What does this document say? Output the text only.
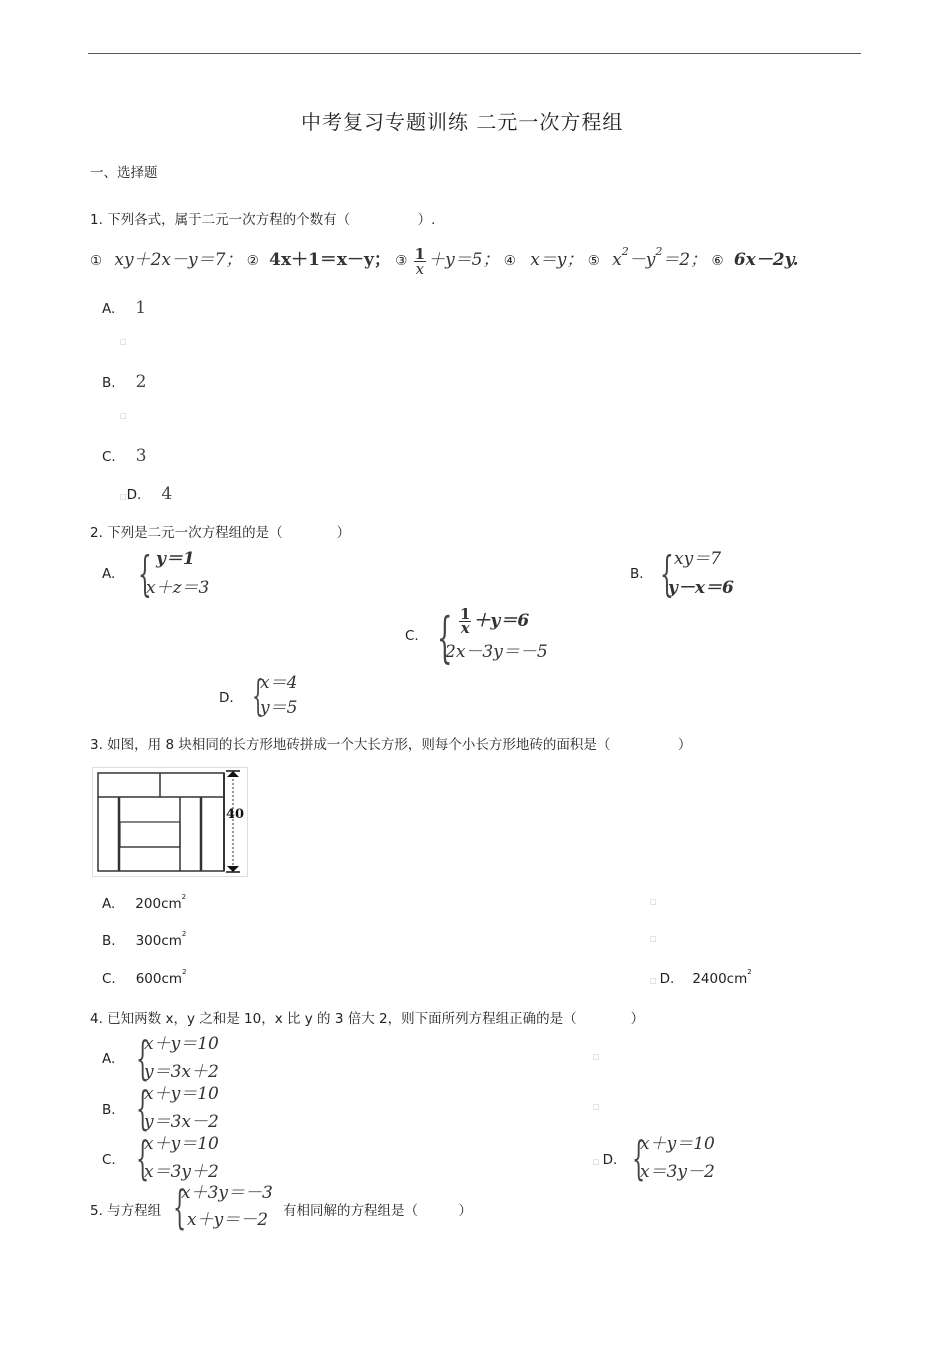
中考复习专题训练 二元一次方程组
一、选择题
1. 下列各式，属于二元一次方程的个数有（　　　　　）.
① xy＋2x－y＝7； ② 4x＋1＝x－y； ③ $\frac{1}{x} +y=5$； ④ x＝y； ⑤ $x^2-y^2=2$； ⑥ 6x－2y.
A. 1
□
B. 2
□
C. 3
□D. 4
2. 下列是二元一次方程组的是（　　　　）
A. { y＝1
x＋z＝3
B. { xy＝7
y－x＝6
C. { $\frac{1}{x} +y=6$
2x－3y＝－5
D. {
x＝4
y＝5
3. 如图，用 8 块相同的长方形地砖拼成一个大长方形，则每个小长方形地砖的面积是（　　　　　）
40
A. $200cm^2$
□
B. $300cm^2$
□
C. $600cm^2$
□ D. $2400cm^2$
4. 已知两数 x，y 之和是 10，x 比 y 的 3 倍大 2，则下面所列方程组正确的是（　　　　）
A. {
x＋y＝10
y＝3x＋2
□
B. {
x＋y＝10
y＝3x－2
□
C. {
x＋y＝10
x＝3y＋2	□ D. {
x＋y＝10
x＝3y－2
5. 与方程组 {
x＋3y＝－3
x＋y＝－2	有相同解的方程组是（　　　）
